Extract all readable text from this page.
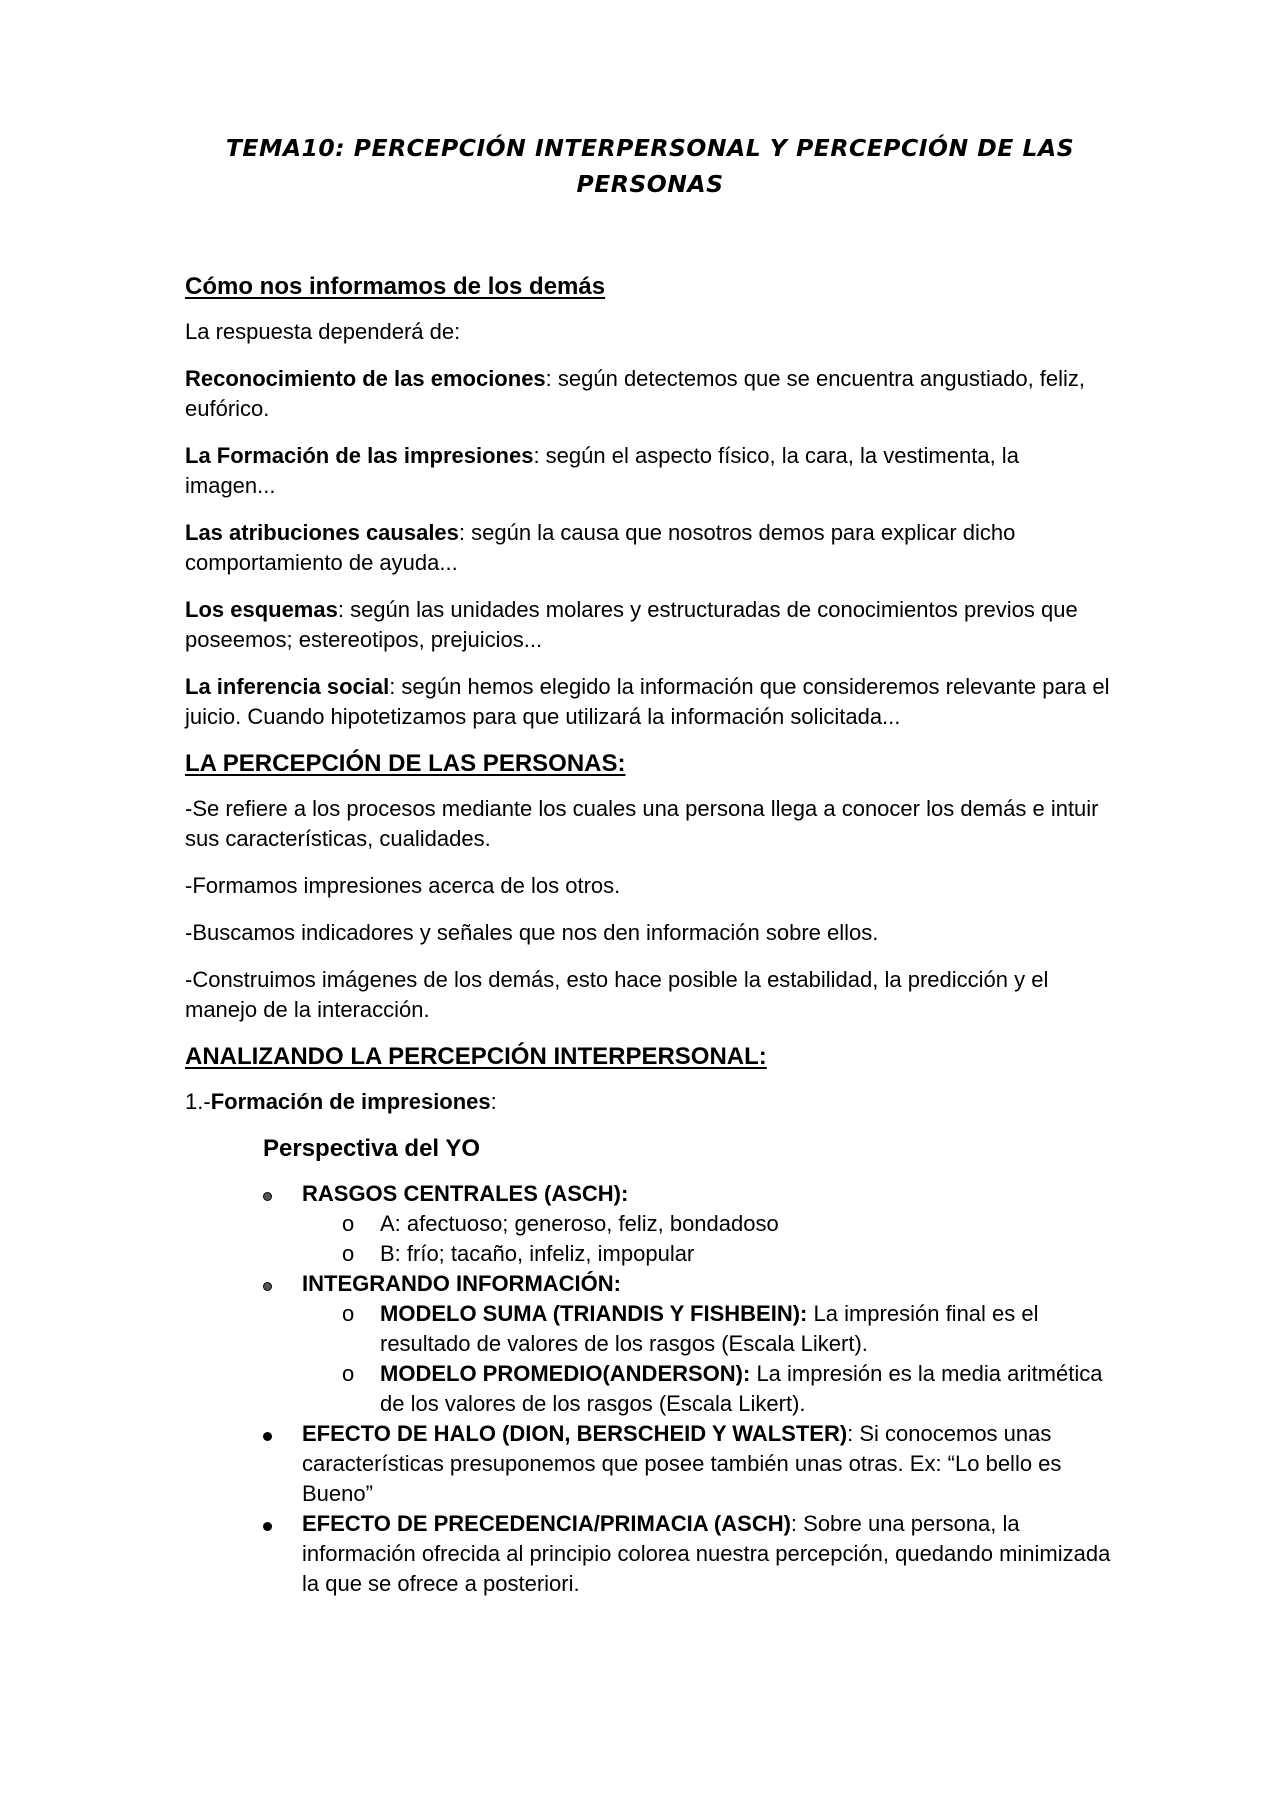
TEMA10: PERCEPCIÓN INTERPERSONAL Y PERCEPCIÓN DE LAS PERSONAS
Cómo nos informamos de los demás
La respuesta dependerá de:
Reconocimiento de las emociones: según detectemos que se encuentra angustiado, feliz, eufórico.
La Formación de las impresiones: según el aspecto físico, la cara, la vestimenta, la imagen...
Las atribuciones causales: según la causa que nosotros demos para explicar dicho comportamiento de ayuda...
Los esquemas: según las unidades molares y estructuradas de conocimientos previos que poseemos; estereotipos, prejuicios...
La inferencia social: según hemos elegido la información que consideremos relevante para el juicio. Cuando hipotetizamos para que utilizará la información solicitada...
LA PERCEPCIÓN DE LAS PERSONAS:
-Se refiere a los procesos mediante los cuales una persona llega a conocer los demás e intuir sus características, cualidades.
-Formamos impresiones acerca de los otros.
-Buscamos indicadores y señales que nos den información sobre ellos.
-Construimos imágenes de los demás, esto hace posible la estabilidad, la predicción y el manejo de la interacción.
ANALIZANDO LA PERCEPCIÓN INTERPERSONAL:
1.-Formación de impresiones:
Perspectiva del YO
RASGOS CENTRALES (ASCH):
o A: afectuoso; generoso, feliz, bondadoso
o B: frío; tacaño, infeliz, impopular
INTEGRANDO INFORMACIÓN:
o MODELO SUMA (TRIANDIS Y FISHBEIN): La impresión final es el resultado de valores de los rasgos (Escala Likert).
o MODELO PROMEDIO(ANDERSON): La impresión es la media aritmética de los valores de los rasgos (Escala Likert).
EFECTO DE HALO (DION, BERSCHEID Y WALSTER): Si conocemos unas características presuponemos que posee también unas otras. Ex: “Lo bello es Bueno”
EFECTO DE PRECEDENCIA/PRIMACIA (ASCH): Sobre una persona, la información ofrecida al principio colorea nuestra percepción, quedando minimizada la que se ofrece a posteriori.
